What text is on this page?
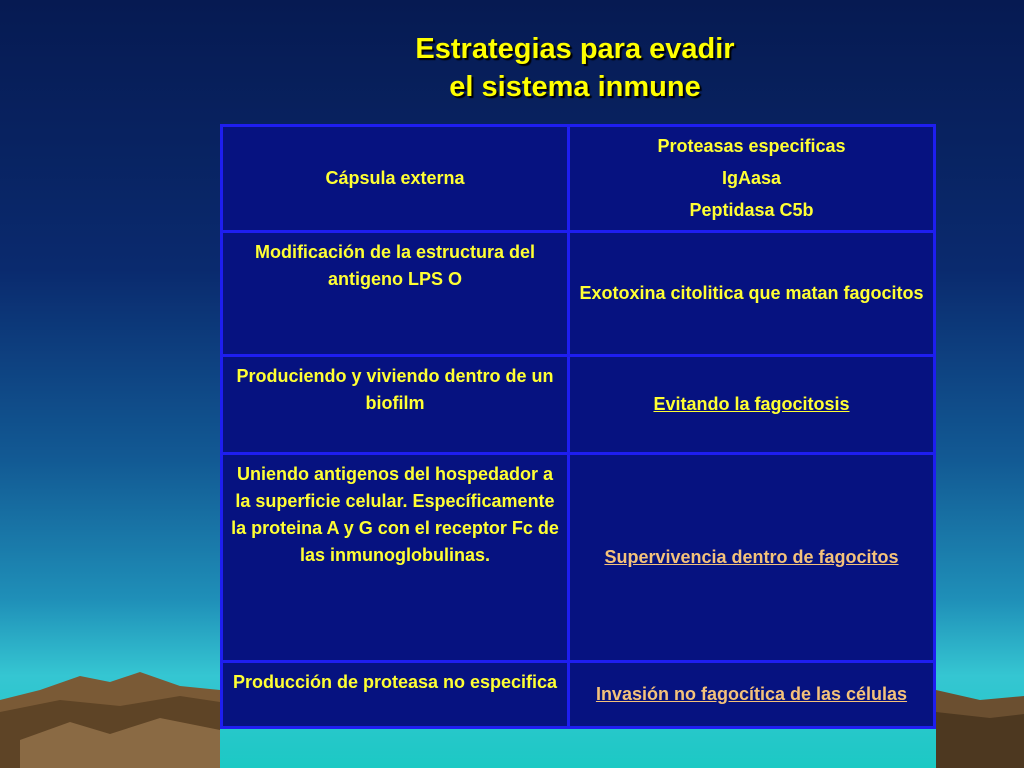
Estrategias para evadir
el sistema inmune
Cápsula externa	Proteasas especificas
IgAasa
Peptidasa C5b

Modificación de la estructura del antigeno LPS O	Exotoxina citolitica que matan fagocitos
Produciendo y viviendo dentro de un biofilm	Evitando la fagocitosis
Uniendo antigenos del hospedador a la superficie celular. Específicamente la proteina A y G con el receptor Fc de las inmunoglobulinas.	Supervivencia dentro de fagocitos
Producción de proteasa no especifica	Invasión no fagocítica de las células
